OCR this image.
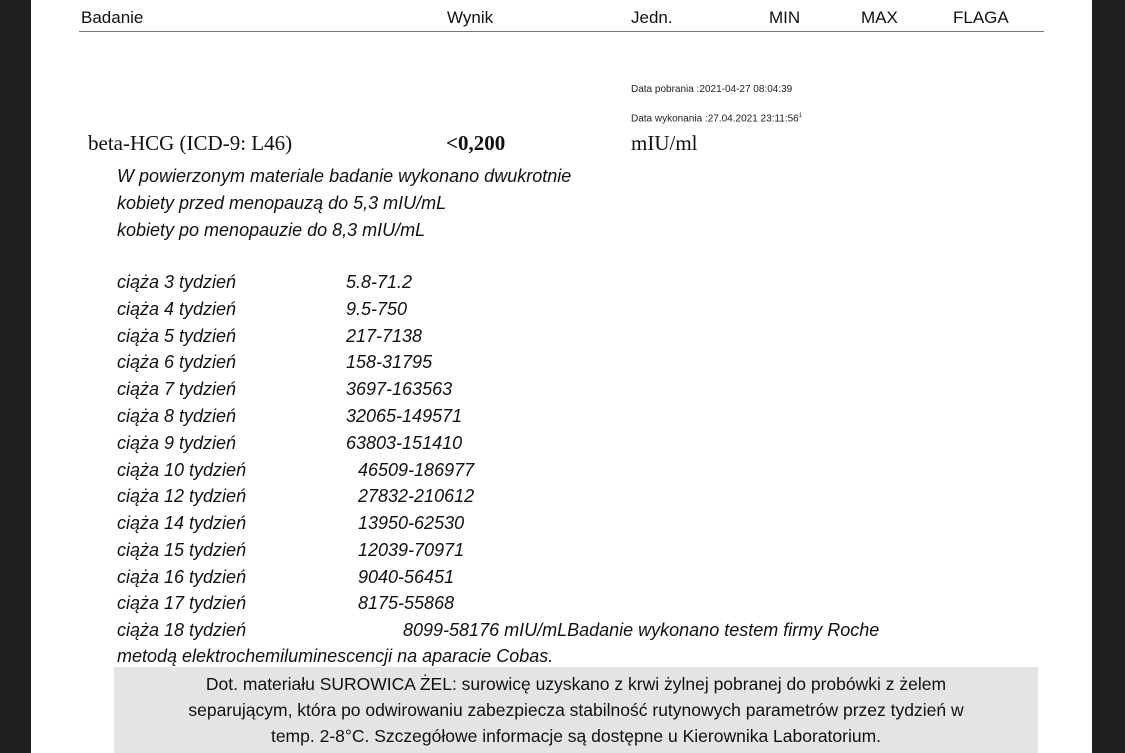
Badanie	Wynik	Jedn.	MIN	MAX	FLAGA
Data pobrania :2021-04-27 08:04:39
Data wykonania :27.04.2021 $23:11:56^1$
beta-HCG (ICD-9: L46)	<0,200	mIU/ml
W powierzonym materiale badanie wykonano dwukrotnie
kobiety przed menopauzą do 5,3 mIU/mL
kobiety po menopauzie do 8,3 mIU/mL
ciąża 3 tydzień	5.8-71.2
ciąża 4 tydzień	9.5-750
ciąża 5 tydzień	217-7138
ciąża 6 tydzień	158-31795
ciąża 7 tydzień	3697-163563
ciąża 8 tydzień	32065-149571
ciąża 9 tydzień	63803-151410
ciąża 10 tydzień	46509-186977
ciąża 12 tydzień	27832-210612
ciąża 14 tydzień	13950-62530
ciąża 15 tydzień	12039-70971
ciąża 16 tydzień	9040-56451
ciąża 17 tydzień	8175-55868
ciąża 18 tydzień	8099-58176 mIU/mLBadanie wykonano testem firmy Roche
metodą elektrochemiluminescencji na aparacie Cobas.
Dot. materiału SUROWICA ŻEL: surowicę uzyskano z krwi żylnej pobranej do probówki z żelem
separującym, która po odwirowaniu zabezpiecza stabilność rutynowych parametrów przez tydzień w
temp. 2-8°C. Szczegółowe informacje są dostępne u Kierownika Laboratorium.
